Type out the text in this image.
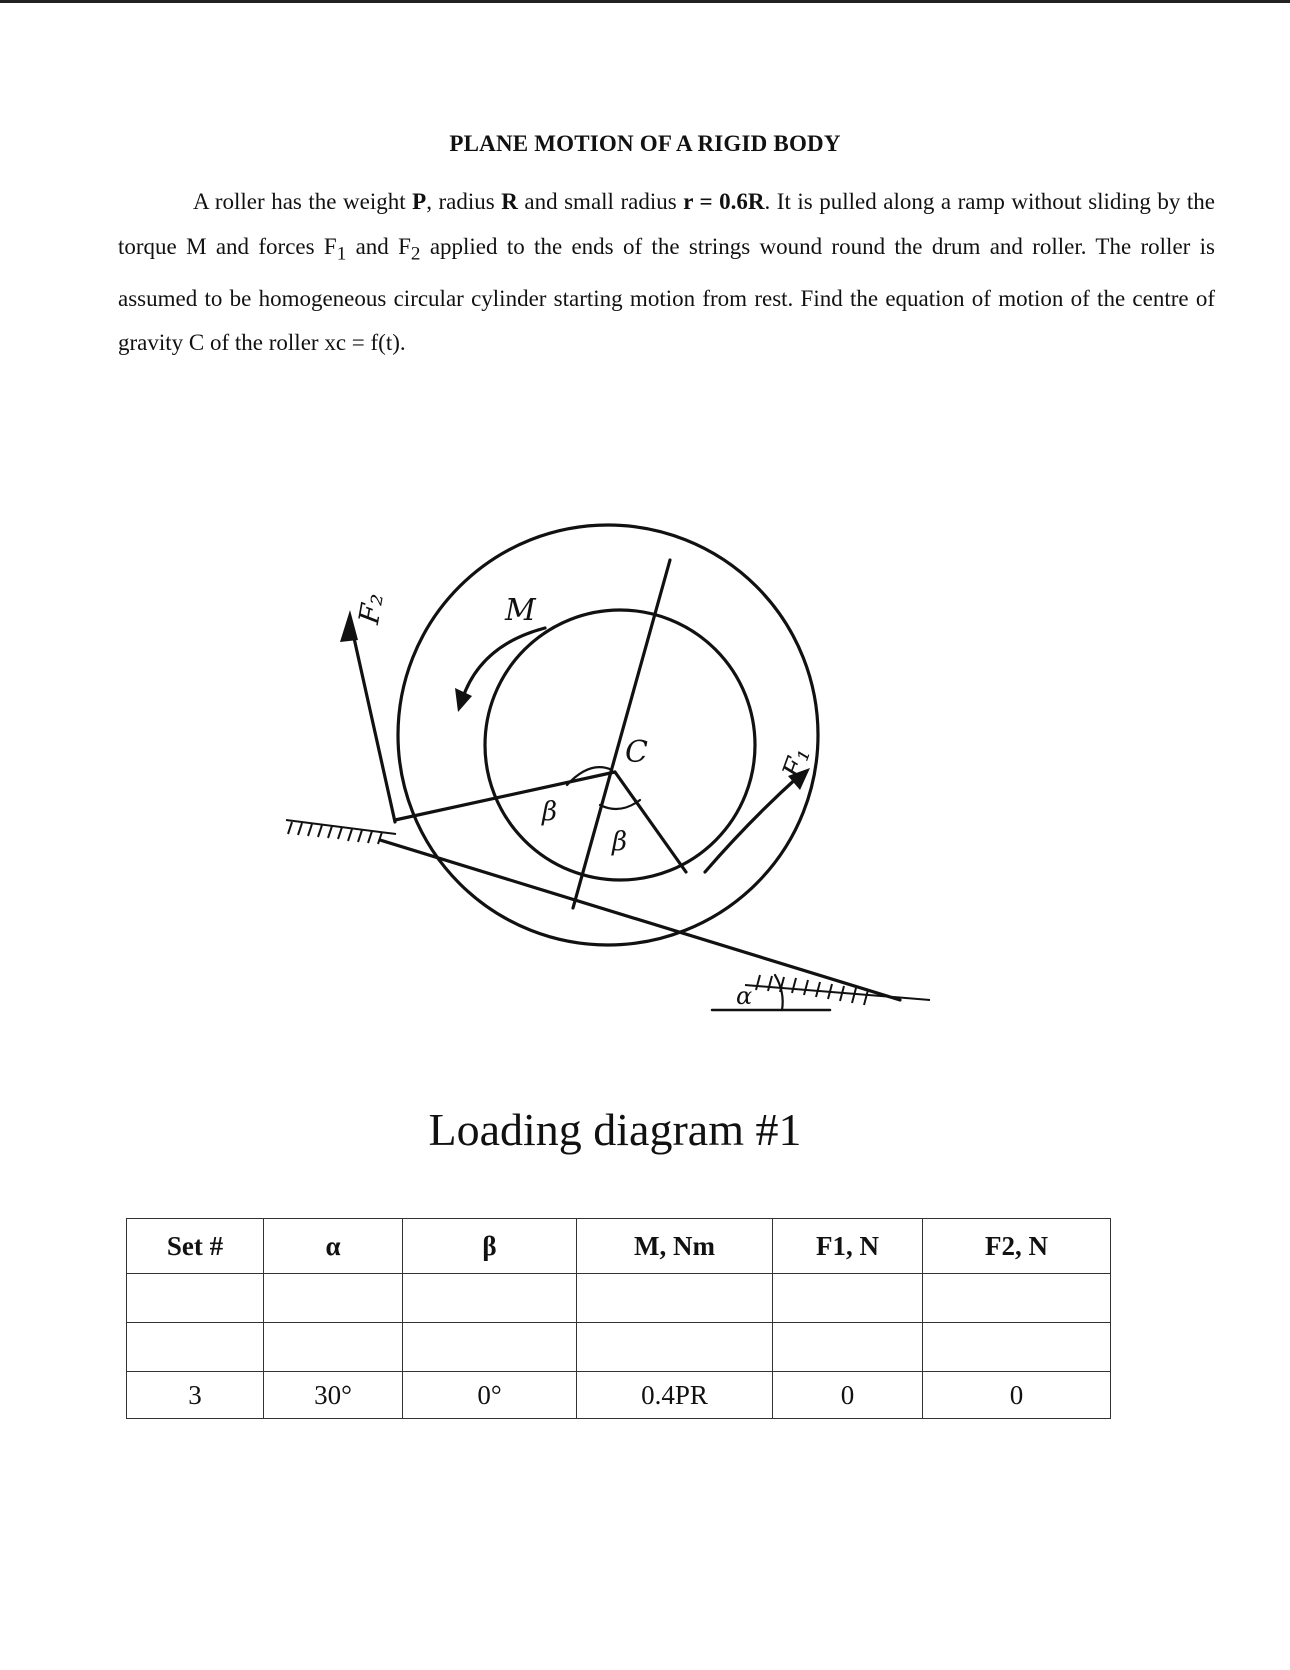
PLANE MOTION OF A RIGID BODY

A roller has the weight P, radius R and small radius r = 0.6R. It is pulled along a ramp without sliding by the torque M and forces $F_1$ and $F_2$ applied to the ends of the strings wound round the drum and roller. The roller is assumed to be homogeneous circular cylinder starting motion from rest. Find the equation of motion of the centre of gravity C of the roller xc = f(t).

F₂	M
C	F₁
β
β
α
Loading diagram #1
Set #	α	β	M, Nm	F1, N	F2, N

3	30°	0°	0.4PR	0	0
